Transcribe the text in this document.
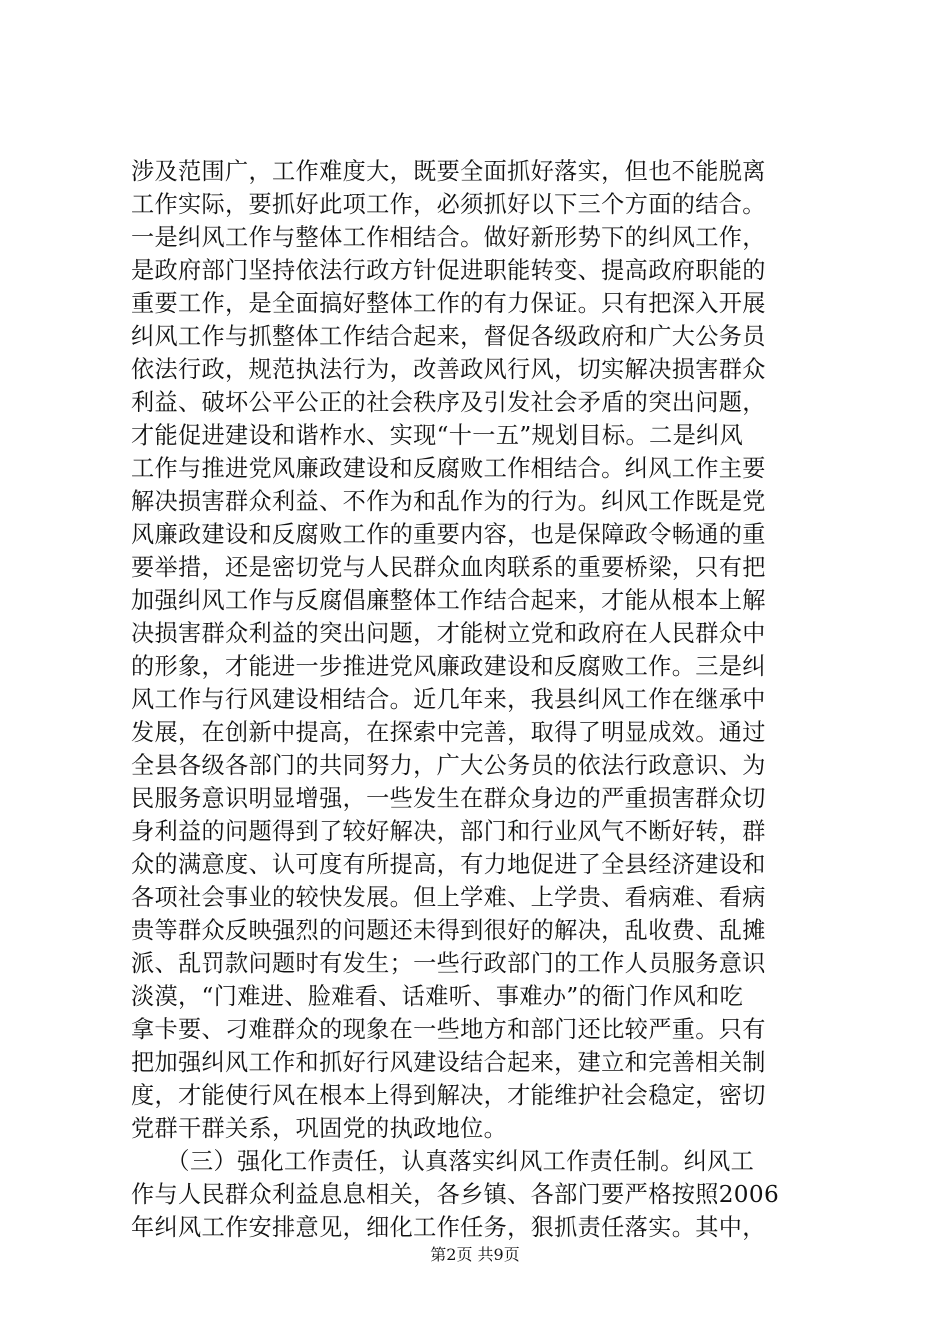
涉及范围广，工作难度大，既要全面抓好落实，但也不能脱离
工作实际，要抓好此项工作，必须抓好以下三个方面的结合。
一是纠风工作与整体工作相结合。做好新形势下的纠风工作，
是政府部门坚持依法行政方针促进职能转变、提高政府职能的
重要工作，是全面搞好整体工作的有力保证。只有把深入开展
纠风工作与抓整体工作结合起来，督促各级政府和广大公务员
依法行政，规范执法行为，改善政风行风，切实解决损害群众
利益、破坏公平公正的社会秩序及引发社会矛盾的突出问题，
才能促进建设和谐柞水、实现“十一五”规划目标。二是纠风
工作与推进党风廉政建设和反腐败工作相结合。纠风工作主要
解决损害群众利益、不作为和乱作为的行为。纠风工作既是党
风廉政建设和反腐败工作的重要内容，也是保障政令畅通的重
要举措，还是密切党与人民群众血肉联系的重要桥梁，只有把
加强纠风工作与反腐倡廉整体工作结合起来，才能从根本上解
决损害群众利益的突出问题，才能树立党和政府在人民群众中
的形象，才能进一步推进党风廉政建设和反腐败工作。三是纠
风工作与行风建设相结合。近几年来，我县纠风工作在继承中
发展，在创新中提高，在探索中完善，取得了明显成效。通过
全县各级各部门的共同努力，广大公务员的依法行政意识、为
民服务意识明显增强，一些发生在群众身边的严重损害群众切
身利益的问题得到了较好解决，部门和行业风气不断好转，群
众的满意度、认可度有所提高，有力地促进了全县经济建设和
各项社会事业的较快发展。但上学难、上学贵、看病难、看病
贵等群众反映强烈的问题还未得到很好的解决，乱收费、乱摊
派、乱罚款问题时有发生；一些行政部门的工作人员服务意识
淡漠，“门难进、脸难看、话难听、事难办”的衙门作风和吃
拿卡要、刁难群众的现象在一些地方和部门还比较严重。只有
把加强纠风工作和抓好行风建设结合起来，建立和完善相关制
度，才能使行风在根本上得到解决，才能维护社会稳定，密切
党群干群关系，巩固党的执政地位。
　　（三）强化工作责任，认真落实纠风工作责任制。纠风工
作与人民群众利益息息相关，各乡镇、各部门要严格按照2006
年纠风工作安排意见，细化工作任务，狠抓责任落实。其中，
第2页 共9页
